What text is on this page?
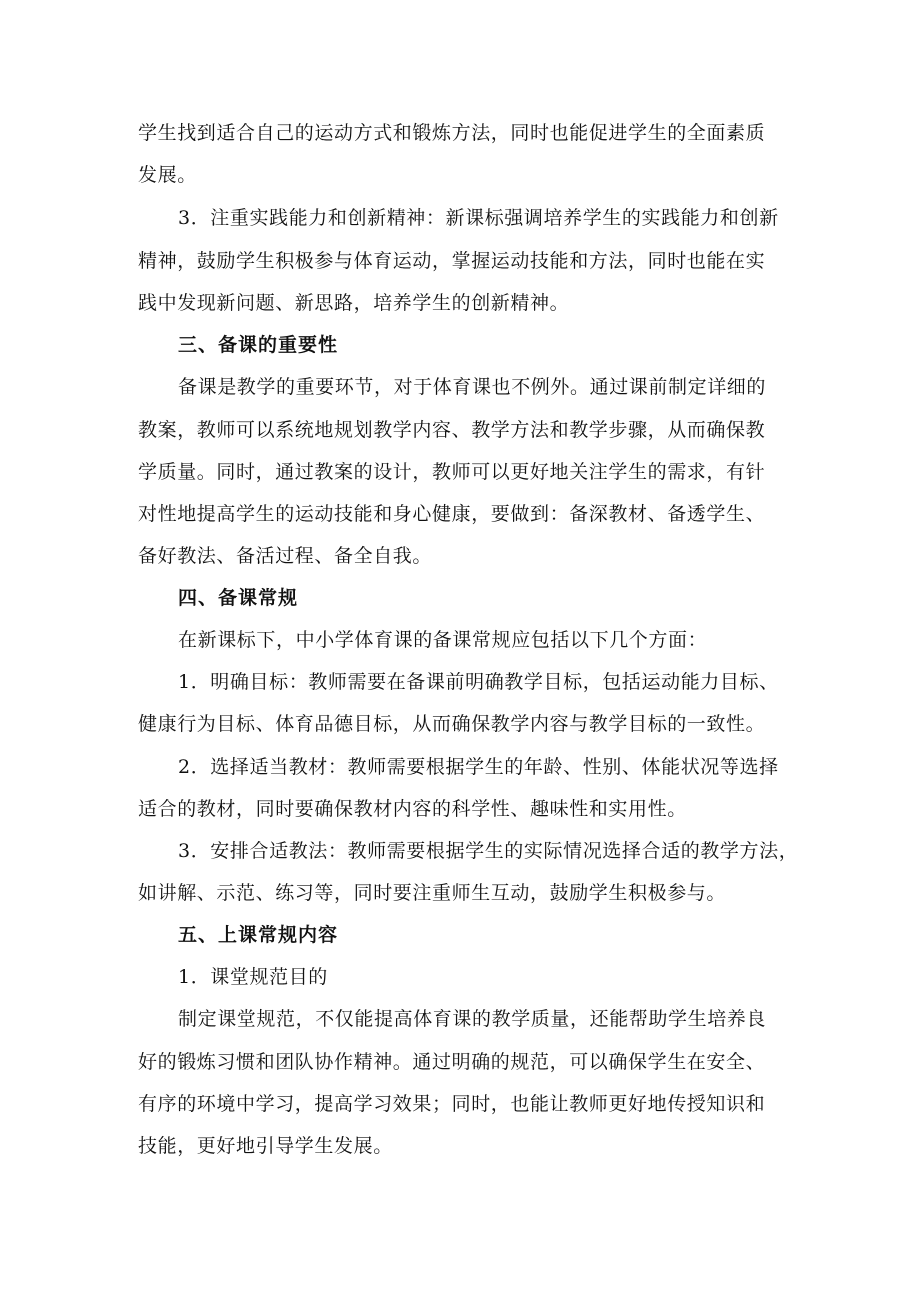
学生找到适合自己的运动方式和锻炼方法，同时也能促进学生的全面素质
发展。
3．注重实践能力和创新精神：新课标强调培养学生的实践能力和创新
精神，鼓励学生积极参与体育运动，掌握运动技能和方法，同时也能在实
践中发现新问题、新思路，培养学生的创新精神。
三、备课的重要性
备课是教学的重要环节，对于体育课也不例外。通过课前制定详细的
教案，教师可以系统地规划教学内容、教学方法和教学步骤，从而确保教
学质量。同时，通过教案的设计，教师可以更好地关注学生的需求，有针
对性地提高学生的运动技能和身心健康，要做到：备深教材、备透学生、
备好教法、备活过程、备全自我。
四、备课常规
在新课标下，中小学体育课的备课常规应包括以下几个方面：
1．明确目标：教师需要在备课前明确教学目标，包括运动能力目标、
健康行为目标、体育品德目标，从而确保教学内容与教学目标的一致性。
2．选择适当教材：教师需要根据学生的年龄、性别、体能状况等选择
适合的教材，同时要确保教材内容的科学性、趣味性和实用性。
3．安排合适教法：教师需要根据学生的实际情况选择合适的教学方法，
如讲解、示范、练习等，同时要注重师生互动，鼓励学生积极参与。
五、上课常规内容
1．课堂规范目的
制定课堂规范，不仅能提高体育课的教学质量，还能帮助学生培养良
好的锻炼习惯和团队协作精神。通过明确的规范，可以确保学生在安全、
有序的环境中学习，提高学习效果；同时，也能让教师更好地传授知识和
技能，更好地引导学生发展。
